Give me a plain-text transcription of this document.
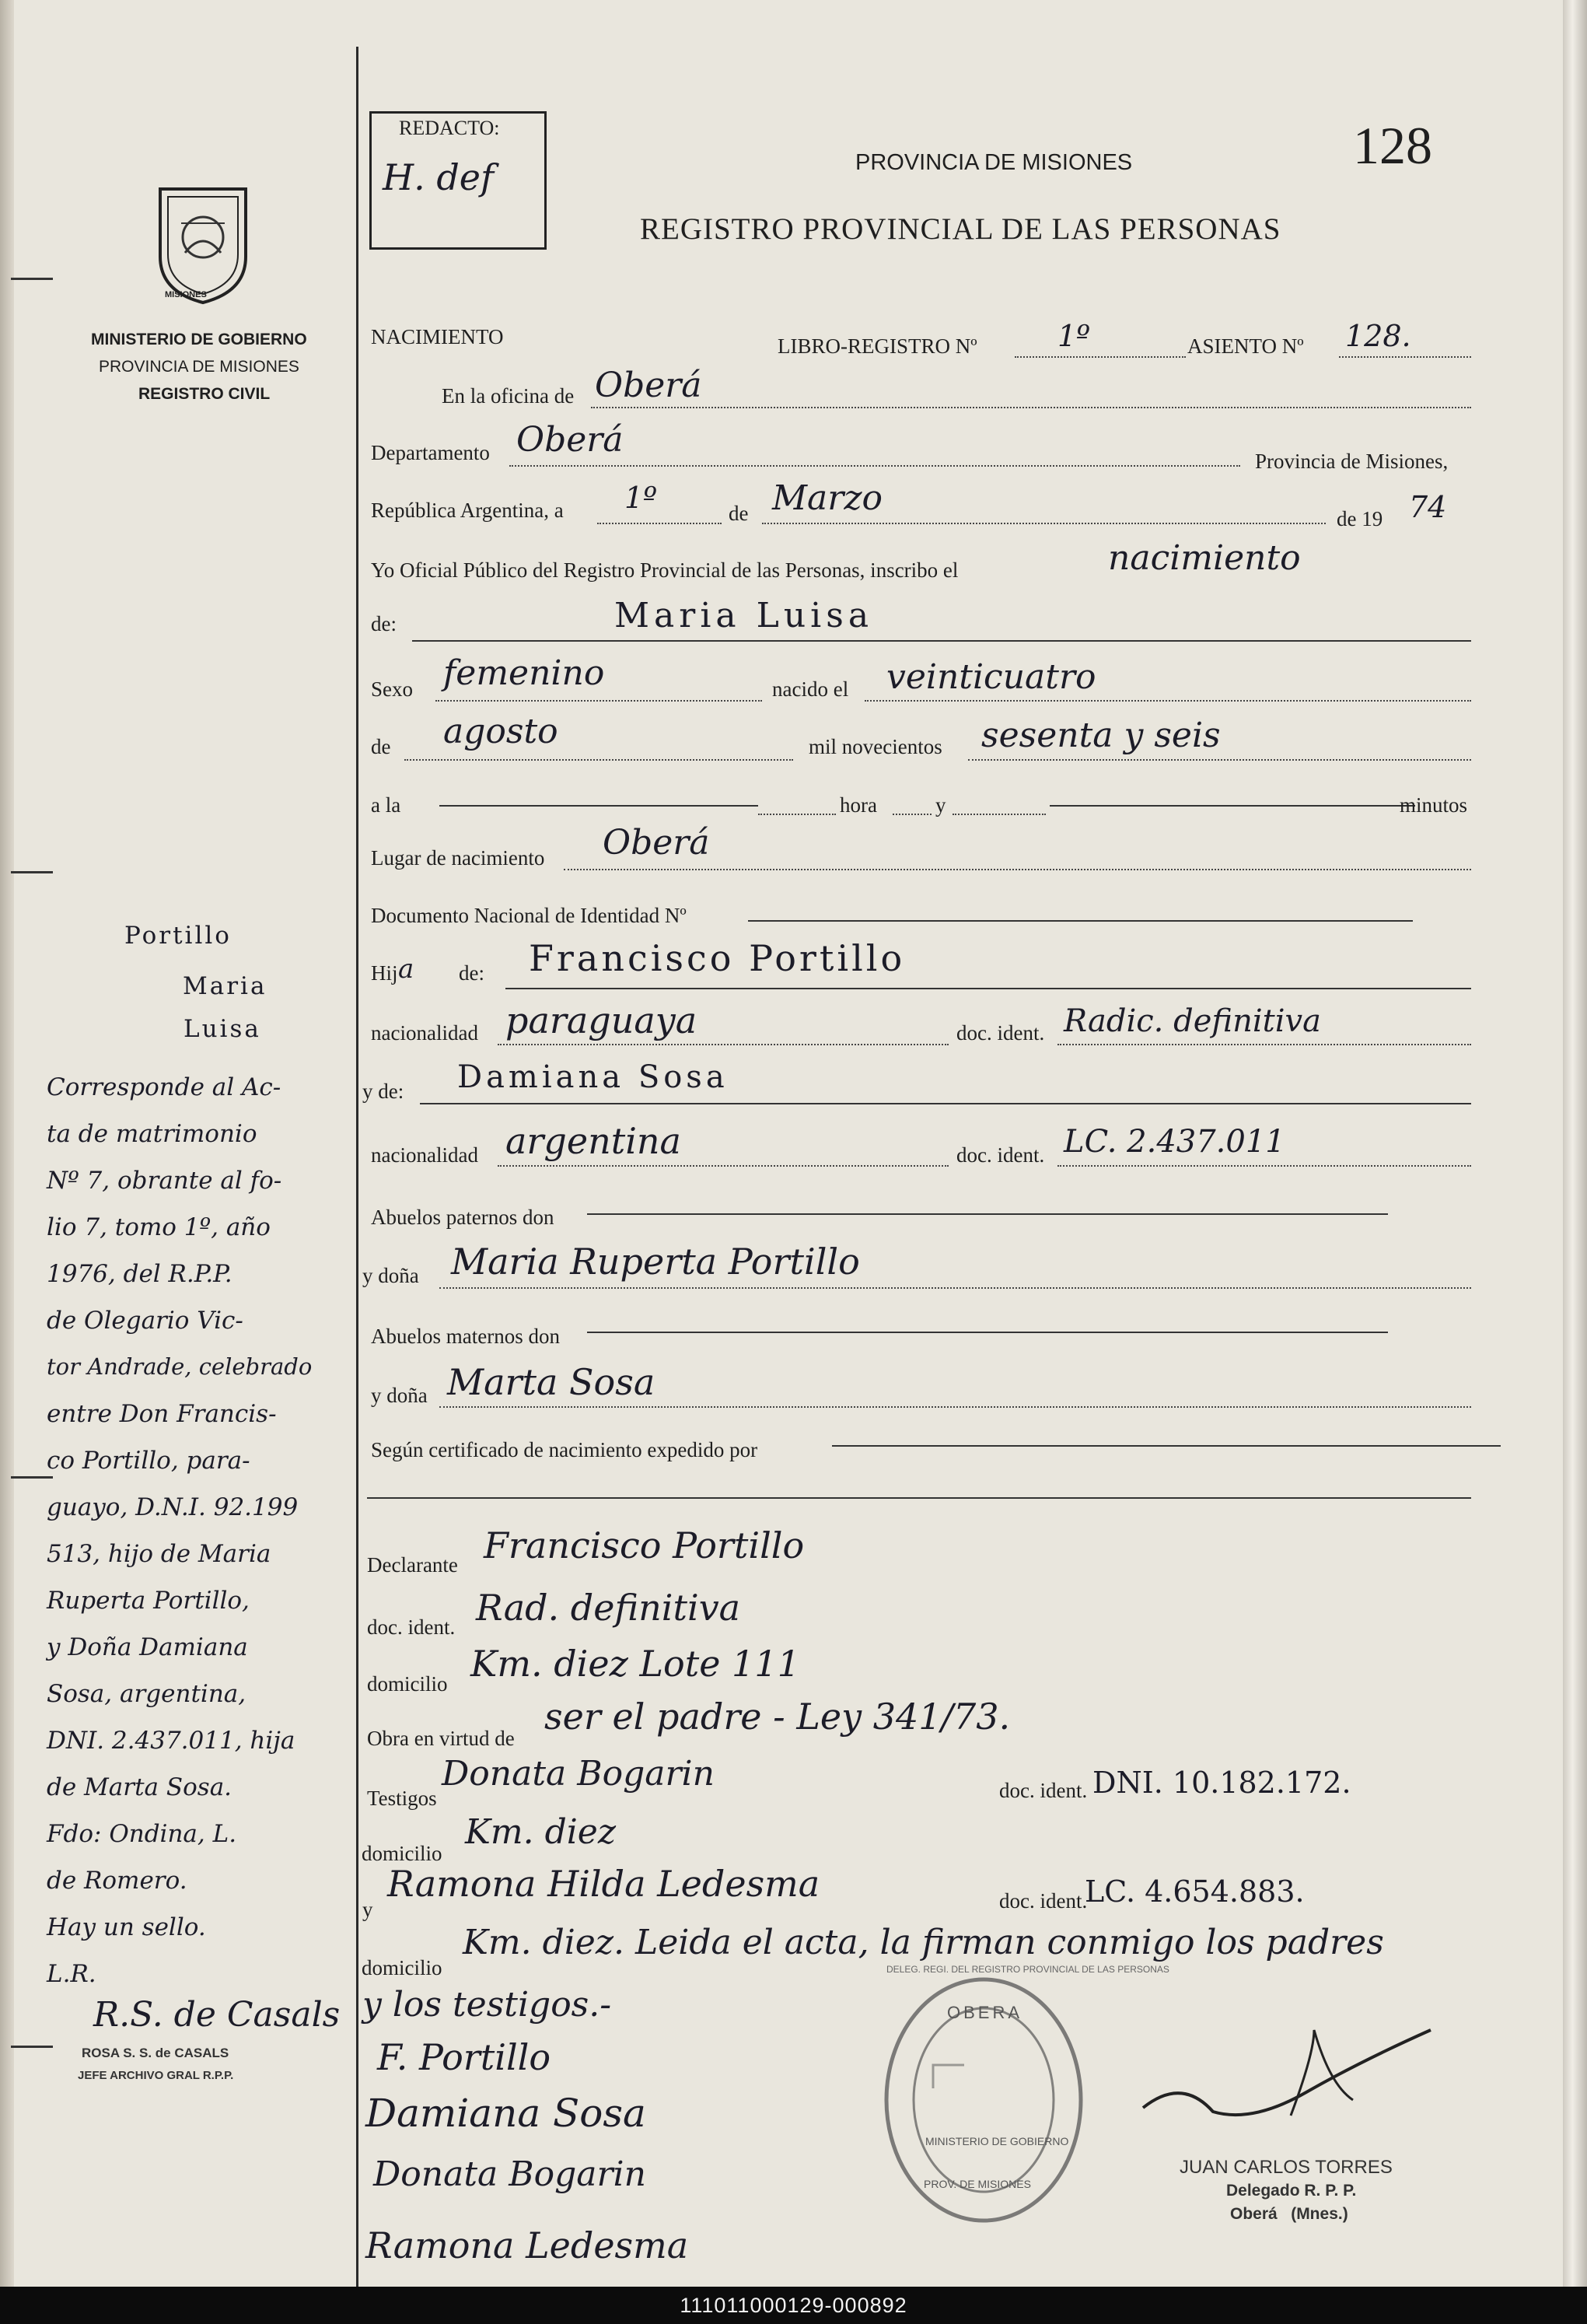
MISIONES
MINISTERIO DE GOBIERNO
PROVINCIA DE MISIONES
REGISTRO CIVIL
REDACTO:
H. def	PROVINCIA DE MISIONES	128
REGISTRO PROVINCIAL DE LAS PERSONAS
NACIMIENTO	LIBRO-REGISTRO Nº	1º	ASIENTO Nº 128.
En la oficina de Oberá
Departamento Oberá
Provincia de Misiones,
República Argentina, a 1º	de Marzo
de 19 74
Yo Oficial Público del Registro Provincial de las Personas, inscribo el	nacimiento
de:	Maria Luisa
Sexo femenino	nacido el veinticuatro
de agosto	mil novecientos sesenta y seis
a la	hora	y	minutos
Lugar de nacimiento Oberá
Documento Nacional de Identidad Nº
Hij a de: Francisco Portillo
nacionalidad paraguaya	doc. ident. Radic. definitiva
y de: Damiana Sosa
nacionalidad argentina	doc. ident. LC. 2.437.011
Abuelos paternos don
y doña Maria Ruperta Portillo
Abuelos maternos don
y doña Marta Sosa
Según certificado de nacimiento expedido por
Declarante Francisco Portillo
doc. ident. Rad. definitiva
domicilio Km. diez Lote 111
Obra en virtud de
ser el padre - Ley 341/73.
Testigos
Donata Bogarin	doc. ident. DNI. 10.182.172.
domicilio
Km. diez
y
Ramona Hilda Ledesma	doc. ident.
LC. 4.654.883.
domicilio
Km. diez. Leida el acta, la firman conmigo los padres
y los testigos.-
F. Portillo
Damiana Sosa
Donata Bogarin
Ramona Ledesma
OBERA
MINISTERIO DE GOBIERNO
PROV. DE MISIONES
DELEG. REGI. DEL REGISTRO PROVINCIAL DE LAS PERSONAS
JUAN CARLOS TORRES
Delegado R. P. P.
Oberá   (Mnes.)
Portillo
Maria
Luisa
Corresponde al Ac-
ta de matrimonio
Nº 7, obrante al fo-
lio 7, tomo 1º, año
1976, del R.P.P.
de Olegario Vic-
tor Andrade, celebrado
entre Don Francis-
co Portillo, para-
guayo, D.N.I. 92.199
513, hijo de Maria
Ruperta Portillo,
y Doña Damiana
Sosa, argentina,
DNI. 2.437.011, hija
de Marta Sosa.
Fdo: Ondina, L.
de Romero.
Hay un sello.
L.R.
R.S. de Casals
ROSA S. S. de CASALS
JEFE ARCHIVO GRAL R.P.P.
111011000129-000892
